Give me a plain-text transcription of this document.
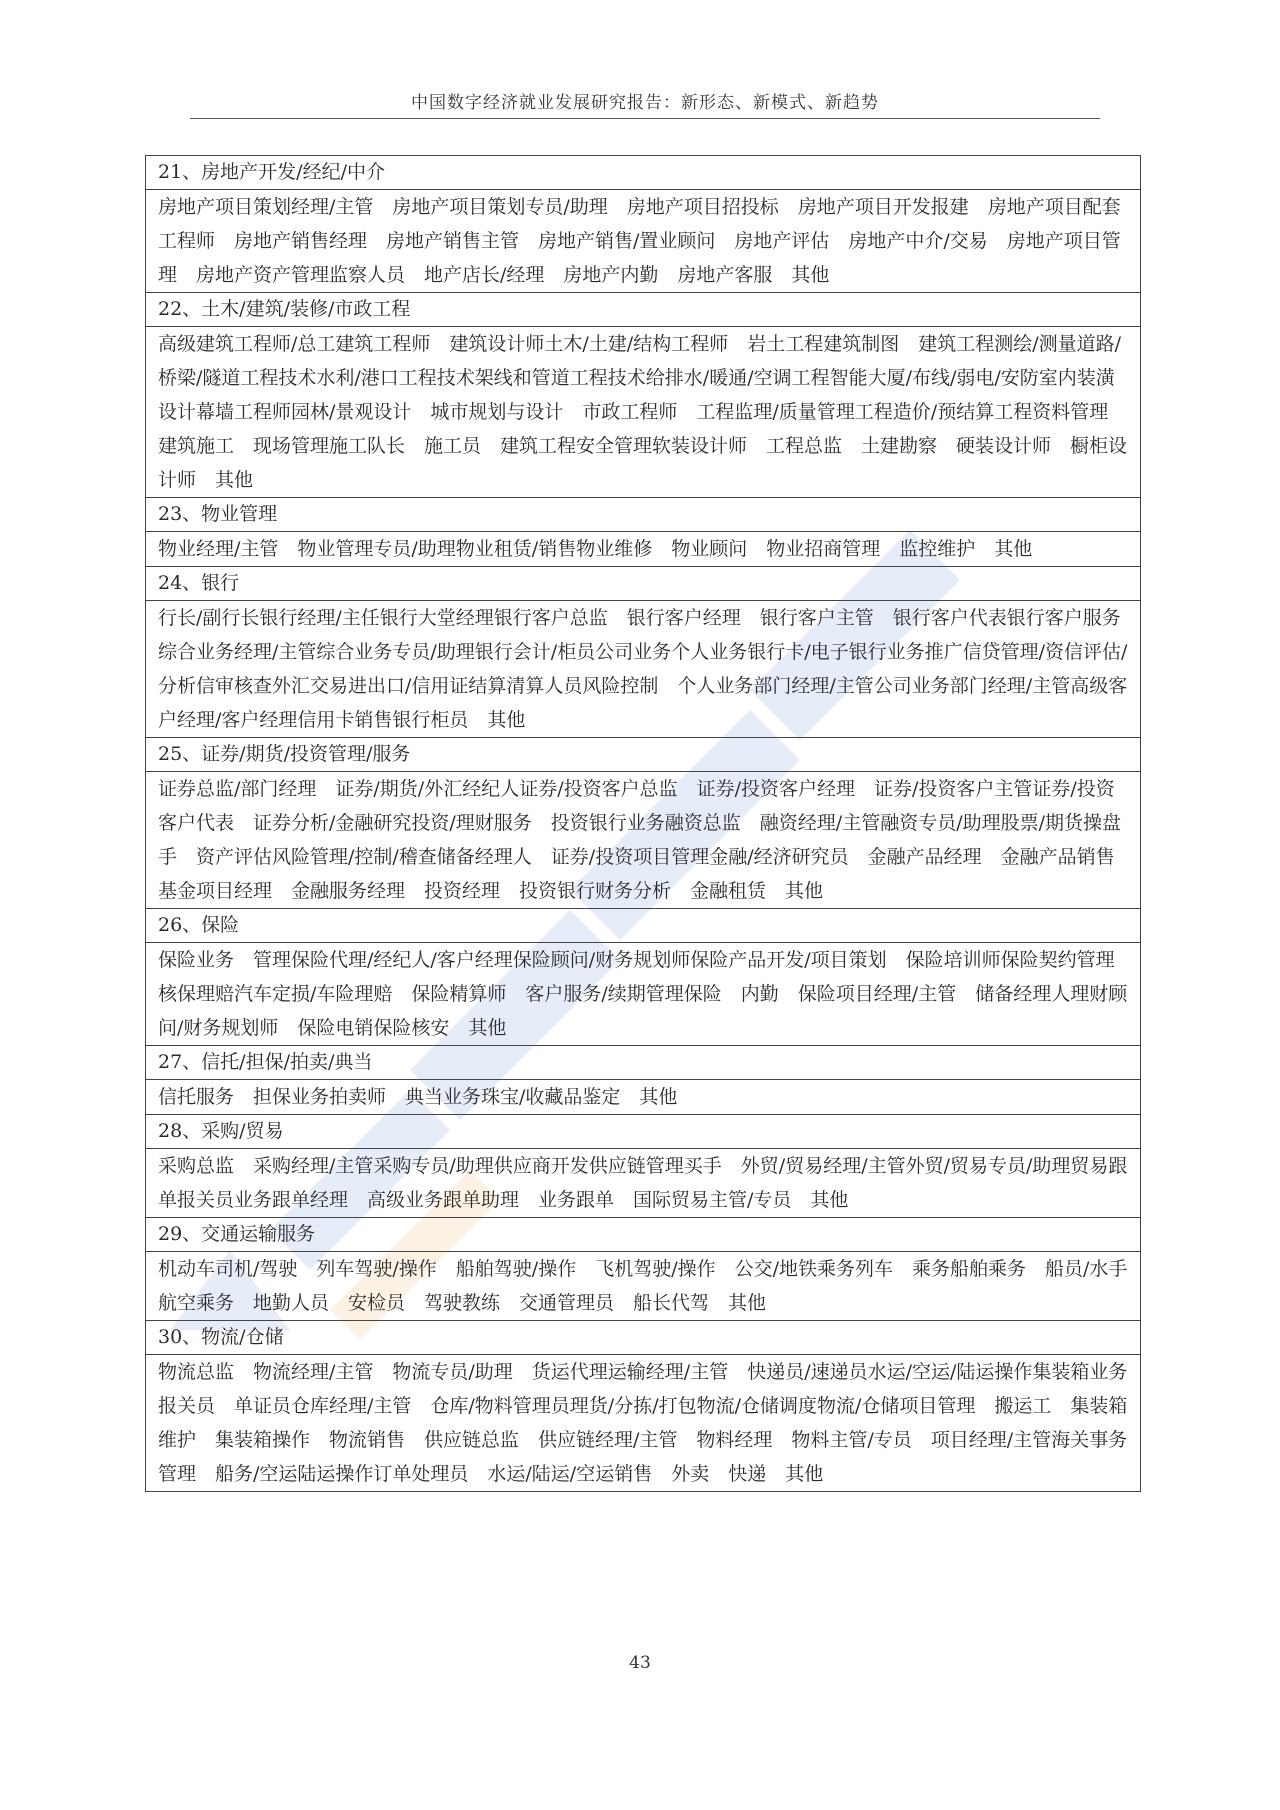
中国数字经济就业发展研究报告：新形态、新模式、新趋势
21、房地产开发/经纪/中介
房地产项目策划经理/主管　房地产项目策划专员/助理　房地产项目招投标　房地产项目开发报建　房地产项目配套工程师　房地产销售经理　房地产销售主管　房地产销售/置业顾问　房地产评估　房地产中介/交易　房地产项目管理　房地产资产管理监察人员　地产店长/经理　房地产内勤　房地产客服　其他
22、土木/建筑/装修/市政工程
高级建筑工程师/总工建筑工程师　建筑设计师土木/土建/结构工程师　岩土工程建筑制图　建筑工程测绘/测量道路/桥梁/隧道工程技术水利/港口工程技术架线和管道工程技术给排水/暖通/空调工程智能大厦/布线/弱电/安防室内装潢设计幕墙工程师园林/景观设计　城市规划与设计　市政工程师　工程监理/质量管理工程造价/预结算工程资料管理　建筑施工　现场管理施工队长　施工员　建筑工程安全管理软装设计师　工程总监　土建勘察　硬装设计师　橱柜设计师　其他
23、物业管理
物业经理/主管　物业管理专员/助理物业租赁/销售物业维修　物业顾问　物业招商管理　监控维护　其他
24、银行
行长/副行长银行经理/主任银行大堂经理银行客户总监　银行客户经理　银行客户主管　银行客户代表银行客户服务综合业务经理/主管综合业务专员/助理银行会计/柜员公司业务个人业务银行卡/电子银行业务推广信贷管理/资信评估/分析信审核查外汇交易进出口/信用证结算清算人员风险控制　个人业务部门经理/主管公司业务部门经理/主管高级客户经理/客户经理信用卡销售银行柜员　其他
25、证券/期货/投资管理/服务
证券总监/部门经理　证券/期货/外汇经纪人证券/投资客户总监　证券/投资客户经理　证券/投资客户主管证券/投资客户代表　证券分析/金融研究投资/理财服务　投资银行业务融资总监　融资经理/主管融资专员/助理股票/期货操盘手　资产评估风险管理/控制/稽查储备经理人　证券/投资项目管理金融/经济研究员　金融产品经理　金融产品销售　基金项目经理　金融服务经理　投资经理　投资银行财务分析　金融租赁　其他
26、保险
保险业务　管理保险代理/经纪人/客户经理保险顾问/财务规划师保险产品开发/项目策划　保险培训师保险契约管理　核保理赔汽车定损/车险理赔　保险精算师　客户服务/续期管理保险　内勤　保险项目经理/主管　储备经理人理财顾问/财务规划师　保险电销保险核安　其他
27、信托/担保/拍卖/典当
信托服务　担保业务拍卖师　典当业务珠宝/收藏品鉴定　其他
28、采购/贸易
采购总监　采购经理/主管采购专员/助理供应商开发供应链管理买手　外贸/贸易经理/主管外贸/贸易专员/助理贸易跟单报关员业务跟单经理　高级业务跟单助理　业务跟单　国际贸易主管/专员　其他
29、交通运输服务
机动车司机/驾驶　列车驾驶/操作　船舶驾驶/操作　飞机驾驶/操作　公交/地铁乘务列车　乘务船舶乘务　船员/水手　航空乘务　地勤人员　安检员　驾驶教练　交通管理员　船长代驾　其他
30、物流/仓储
物流总监　物流经理/主管　物流专员/助理　货运代理运输经理/主管　快递员/速递员水运/空运/陆运操作集装箱业务报关员　单证员仓库经理/主管　仓库/物料管理员理货/分拣/打包物流/仓储调度物流/仓储项目管理　搬运工　集装箱维护　集装箱操作　物流销售　供应链总监　供应链经理/主管　物料经理　物料主管/专员　项目经理/主管海关事务管理　船务/空运陆运操作订单处理员　水运/陆运/空运销售　外卖　快递　其他
43
